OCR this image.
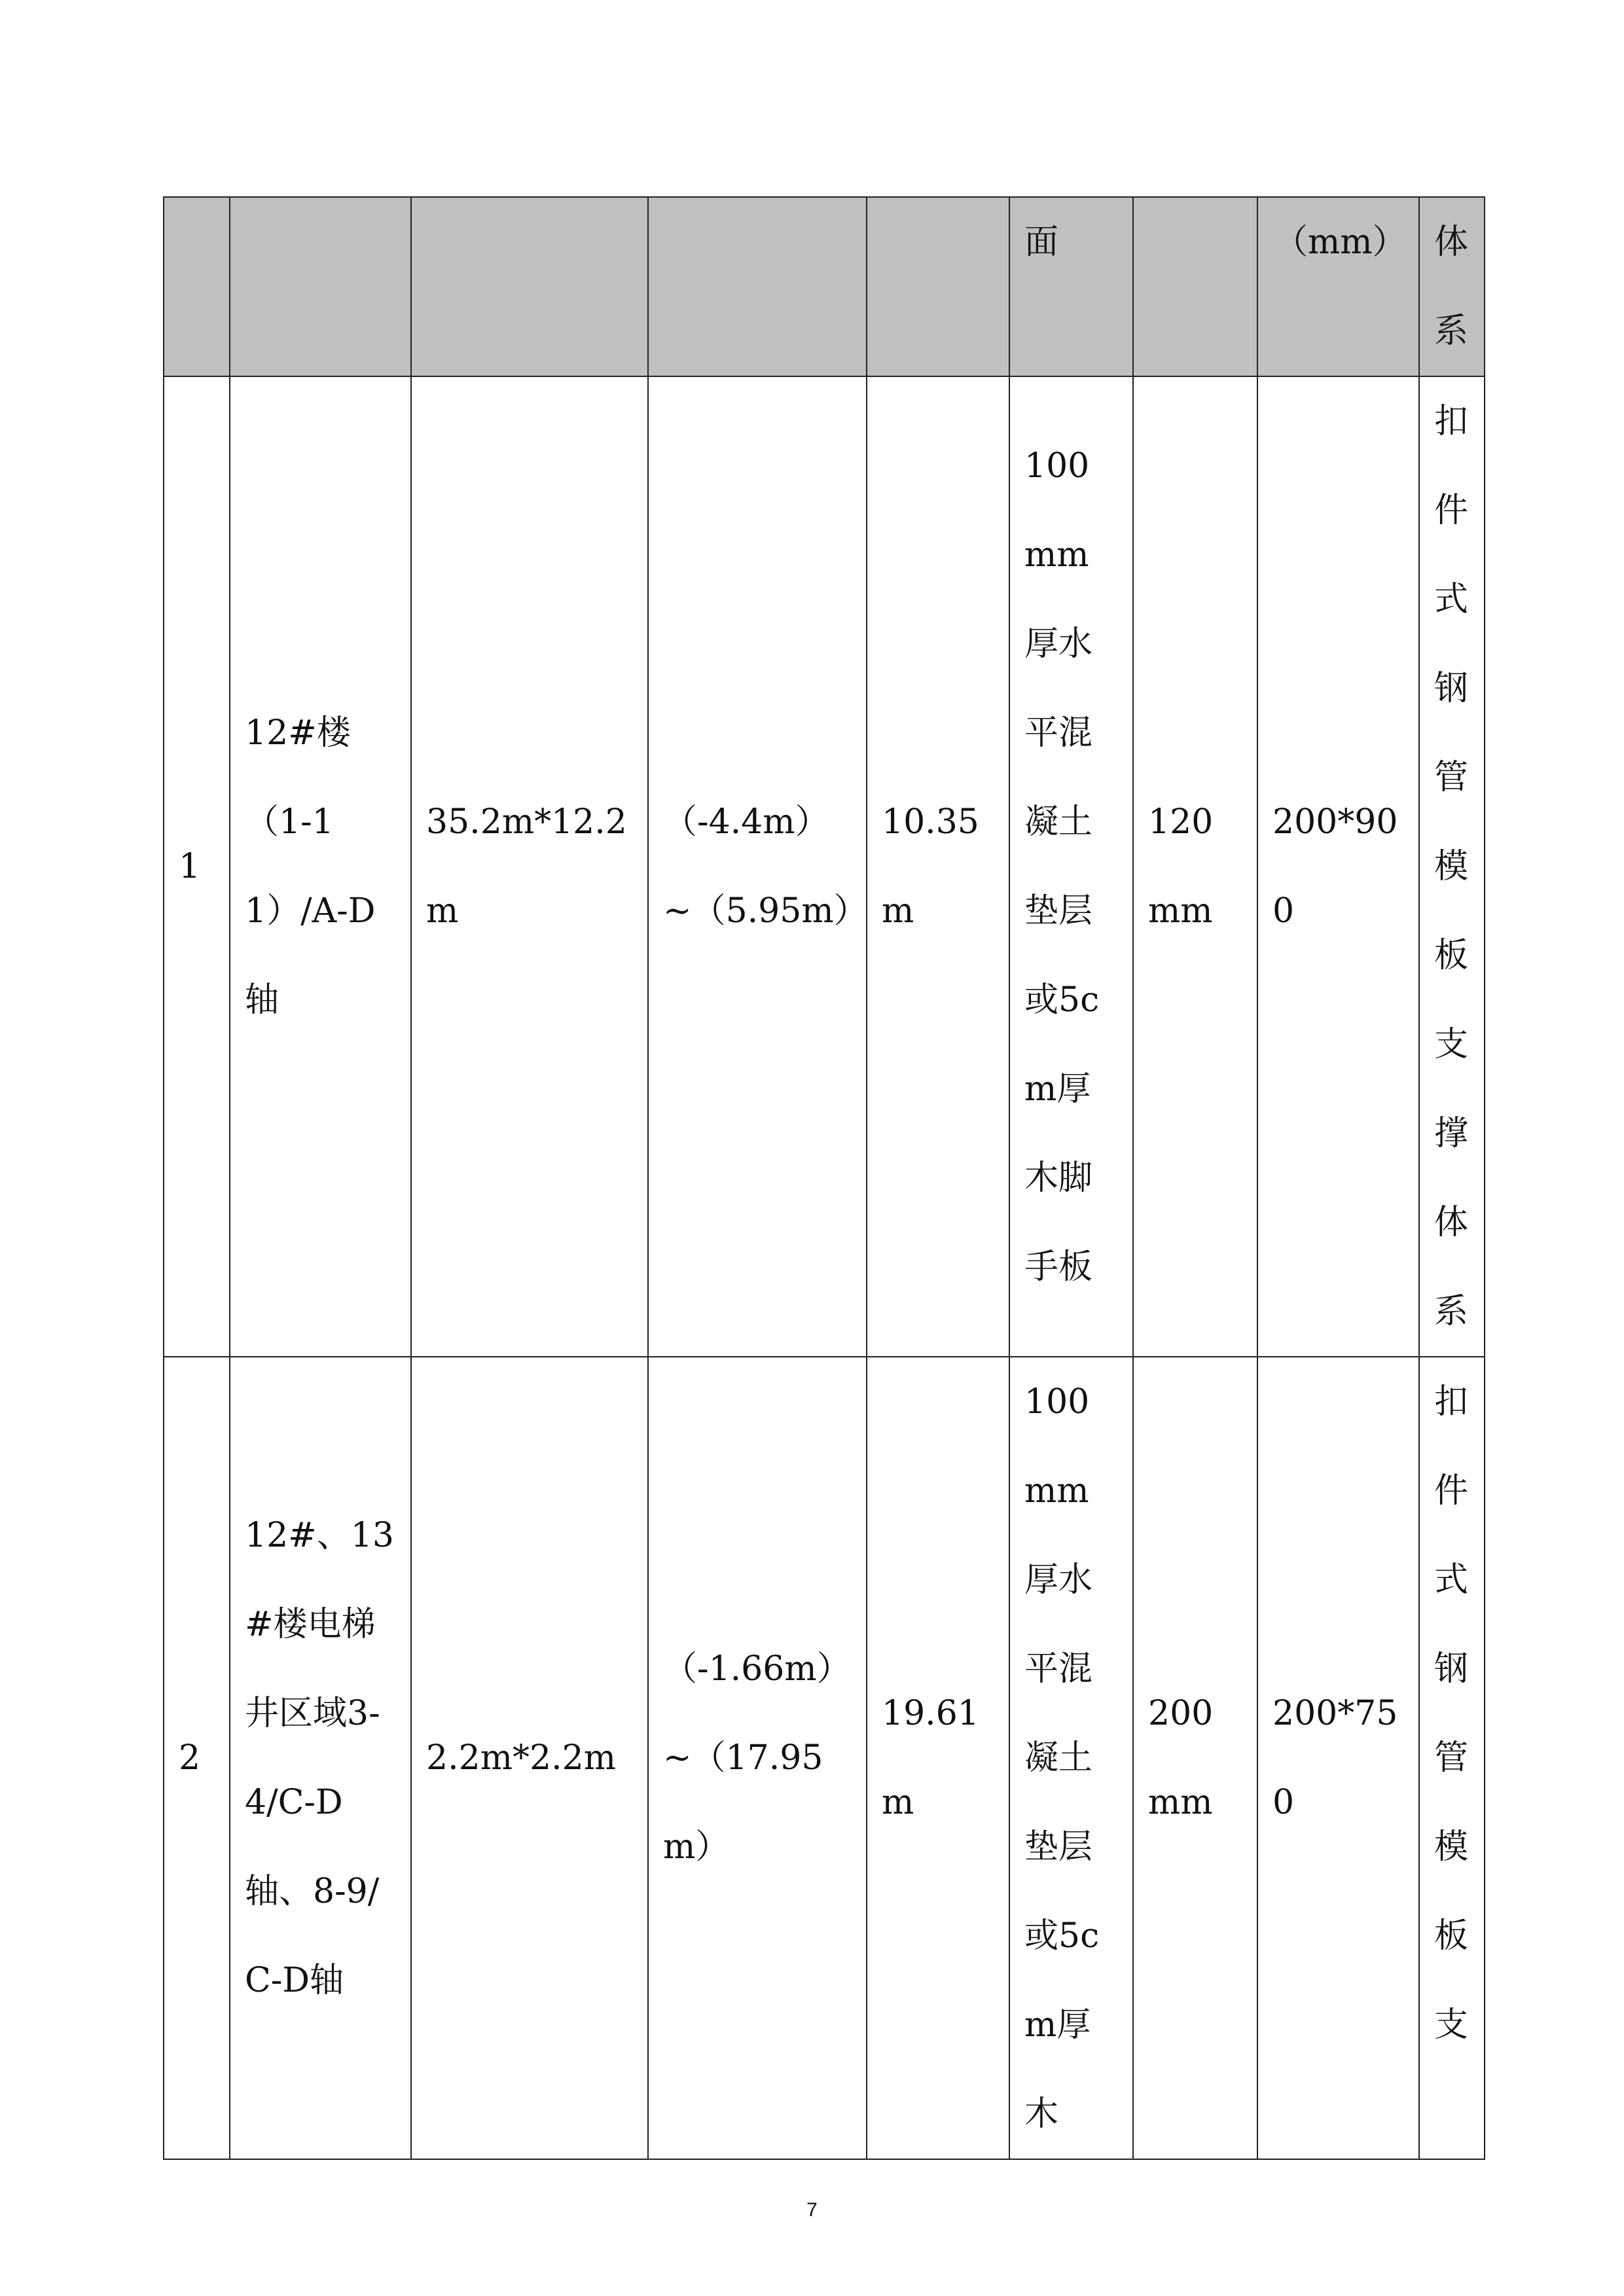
					面		（mm）	体系
1	12#楼（1-11）/A-D轴	35.2m*12.2m	（-4.4m）~（5.95m）	10.35m	100mm厚水平混凝土垫层或5cm厚木脚手板	120mm	200*900	扣件式钢管模板支撑体系
2	12#、13#楼电梯井区域3-4/C-D轴、8-9/C-D轴	2.2m*2.2m	（-1.66m）~（17.95m）	19.61m	100mm厚水平混凝土垫层或5cm厚木	200mm	200*750	扣件式钢管模板支
7
